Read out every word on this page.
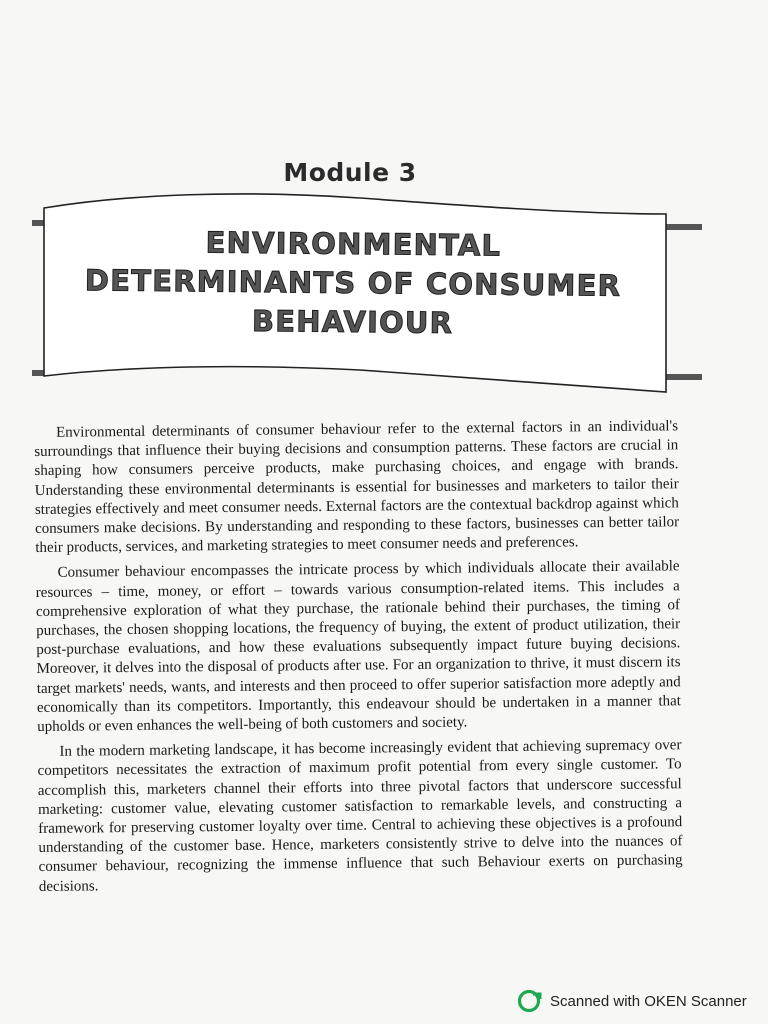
Module 3
ENVIRONMENTAL
DETERMINANTS OF CONSUMER
BEHAVIOUR

Environmental determinants of consumer behaviour refer to the external factors in an individual's surroundings that influence their buying decisions and consumption patterns. These factors are crucial in shaping how consumers perceive products, make purchasing choices, and engage with brands. Understanding these environmental determinants is essential for businesses and marketers to tailor their strategies effectively and meet consumer needs. External factors are the contextual backdrop against which consumers make decisions. By understanding and responding to these factors, businesses can better tailor their products, services, and marketing strategies to meet consumer needs and preferences.

Consumer behaviour encompasses the intricate process by which individuals allocate their available resources – time, money, or effort – towards various consumption-related items. This includes a comprehensive exploration of what they purchase, the rationale behind their purchases, the timing of purchases, the chosen shopping locations, the frequency of buying, the extent of product utilization, their post-purchase evaluations, and how these evaluations subsequently impact future buying decisions. Moreover, it delves into the disposal of products after use. For an organization to thrive, it must discern its target markets' needs, wants, and interests and then proceed to offer superior satisfaction more adeptly and economically than its competitors. Importantly, this endeavour should be undertaken in a manner that upholds or even enhances the well-being of both customers and society.

In the modern marketing landscape, it has become increasingly evident that achieving supremacy over competitors necessitates the extraction of maximum profit potential from every single customer. To accomplish this, marketers channel their efforts into three pivotal factors that underscore successful marketing: customer value, elevating customer satisfaction to remarkable levels, and constructing a framework for preserving customer loyalty over time. Central to achieving these objectives is a profound understanding of the customer base. Hence, marketers consistently strive to delve into the nuances of consumer behaviour, recognizing the immense influence that such Behaviour exerts on purchasing decisions.

Scanned with OKEN Scanner
